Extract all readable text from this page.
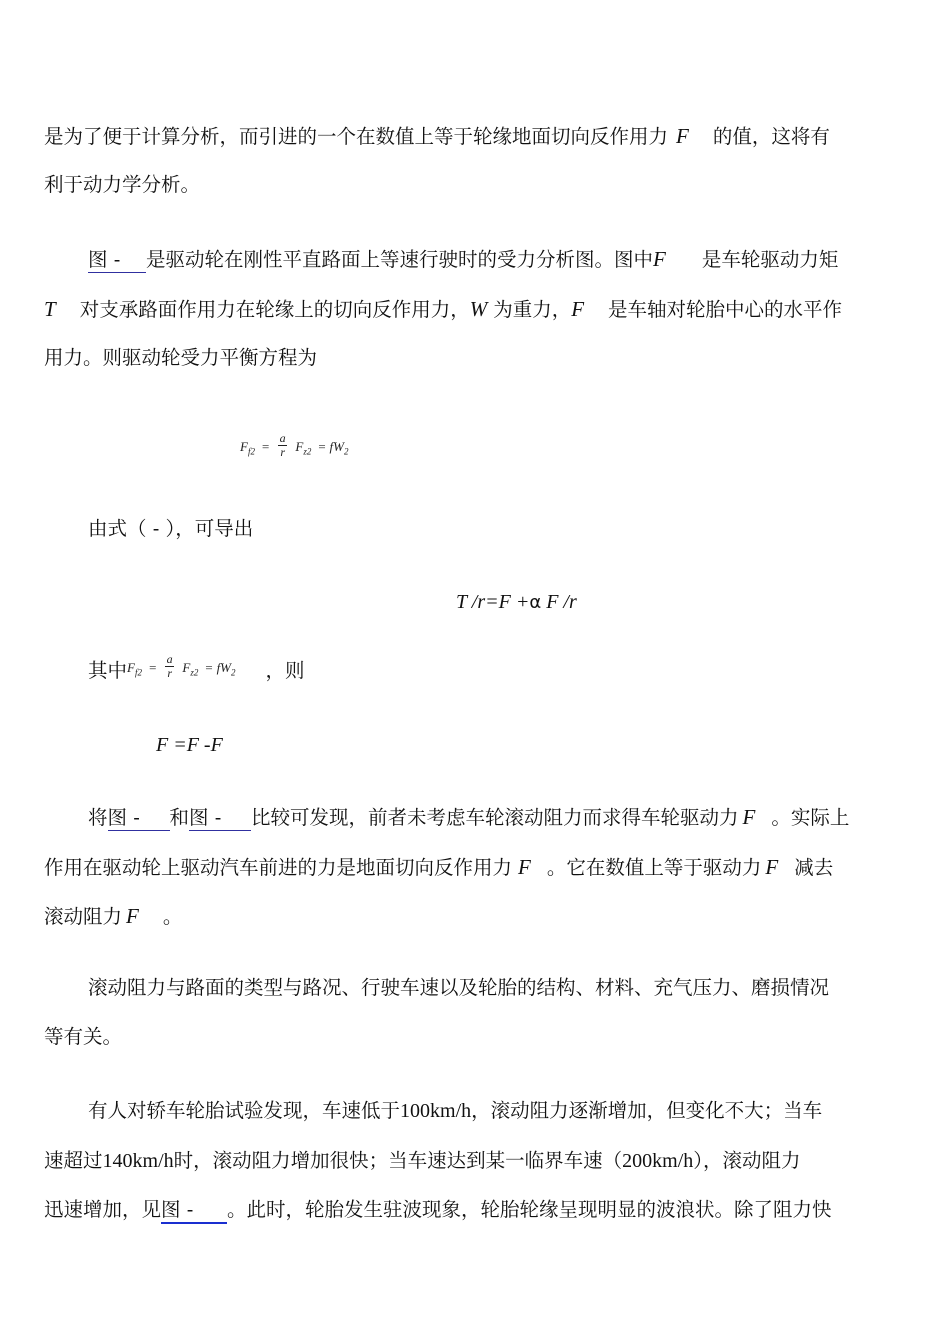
是为了便于计算分析，而引进的一个在数值上等于轮缘地面切向反作用力 F 的值，这将有
利于动力学分析。
图 - 是驱动轮在刚性平直路面上等速行驶时的受力分析图。图中F 是车轮驱动力矩
T 对支承路面作用力在轮缘上的切向反作用力，W 为重力，F 是车轴对轮胎中心的水平作
用力。则驱动轮受力平衡方程为
$F_{f2} = \frac{a}{r} F_{z2} = fW_2$
由式（ - ），可导出
T /r=F +α F /r
其中$F_{f2} = \frac{a}{r} F_{z2} = fW_2$ ，则
F =F -F
将图 - 和图 - 比较可发现，前者未考虑车轮滚动阻力而求得车轮驱动力 F 。实际上
作用在驱动轮上驱动汽车前进的力是地面切向反作用力 F 。它在数值上等于驱动力 F 减去
滚动阻力 F 。
滚动阻力与路面的类型与路况、行驶车速以及轮胎的结构、材料、充气压力、磨损情况
等有关。
有人对轿车轮胎试验发现，车速低于100km/h，滚动阻力逐渐增加，但变化不大；当车
速超过140km/h时，滚动阻力增加很快；当车速达到某一临界车速（200km/h），滚动阻力
迅速增加，见图 - 。此时，轮胎发生驻波现象，轮胎轮缘呈现明显的波浪状。除了阻力快
